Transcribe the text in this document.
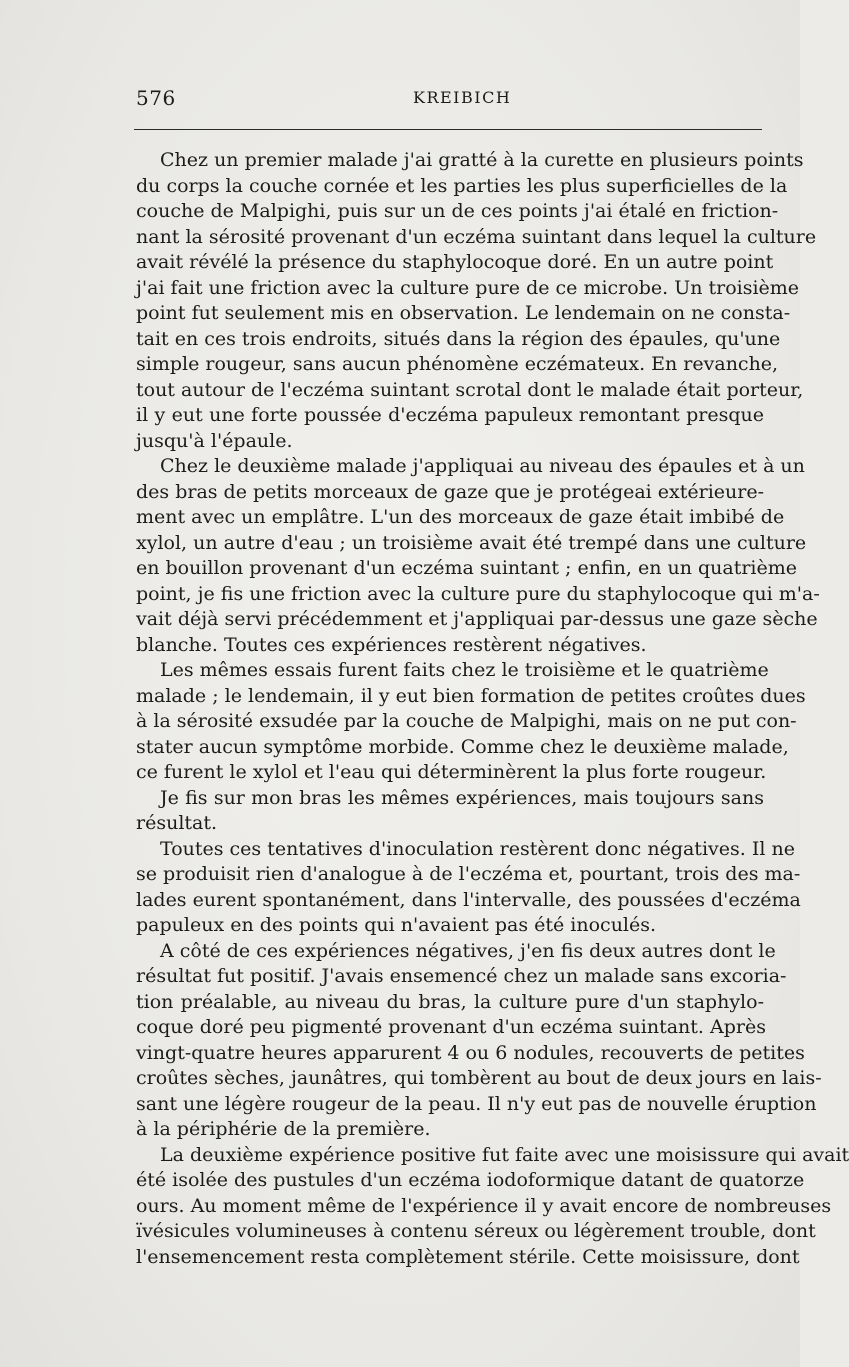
576	KREIBICH
Chez un premier malade j'ai gratté à la curette en plusieurs points
du corps la couche cornée et les parties les plus superficielles de la
couche de Malpighi, puis sur un de ces points j'ai étalé en friction-
nant la sérosité provenant d'un eczéma suintant dans lequel la culture
avait révélé la présence du staphylocoque doré. En un autre point
j'ai fait une friction avec la culture pure de ce microbe. Un troisième
point fut seulement mis en observation. Le lendemain on ne consta-
tait en ces trois endroits, situés dans la région des épaules, qu'une
simple rougeur, sans aucun phénomène eczémateux. En revanche,
tout autour de l'eczéma suintant scrotal dont le malade était porteur,
il y eut une forte poussée d'eczéma papuleux remontant presque
jusqu'à l'épaule.
Chez le deuxième malade j'appliquai au niveau des épaules et à un
des bras de petits morceaux de gaze que je protégeai extérieure-
ment avec un emplâtre. L'un des morceaux de gaze était imbibé de
xylol, un autre d'eau ; un troisième avait été trempé dans une culture
en bouillon provenant d'un eczéma suintant ; enfin, en un quatrième
point, je fis une friction avec la culture pure du staphylocoque qui m'a-
vait déjà servi précédemment et j'appliquai par-dessus une gaze sèche
blanche. Toutes ces expériences restèrent négatives.
Les mêmes essais furent faits chez le troisième et le quatrième
malade ; le lendemain, il y eut bien formation de petites croûtes dues
à la sérosité exsudée par la couche de Malpighi, mais on ne put con-
stater aucun symptôme morbide. Comme chez le deuxième malade,
ce furent le xylol et l'eau qui déterminèrent la plus forte rougeur.
Je fis sur mon bras les mêmes expériences, mais toujours sans
résultat.
Toutes ces tentatives d'inoculation restèrent donc négatives. Il ne
se produisit rien d'analogue à de l'eczéma et, pourtant, trois des ma-
lades eurent spontanément, dans l'intervalle, des poussées d'eczéma
papuleux en des points qui n'avaient pas été inoculés.
A côté de ces expériences négatives, j'en fis deux autres dont le
résultat fut positif. J'avais ensemencé chez un malade sans excoria-
tion préalable, au niveau du bras, la culture pure d'un staphylo-
coque doré peu pigmenté provenant d'un eczéma suintant. Après
vingt-quatre heures apparurent 4 ou 6 nodules, recouverts de petites
croûtes sèches, jaunâtres, qui tombèrent au bout de deux jours en lais-
sant une légère rougeur de la peau. Il n'y eut pas de nouvelle éruption
à la périphérie de la première.
La deuxième expérience positive fut faite avec une moisissure qui avait
été isolée des pustules d'un eczéma iodoformique datant de quatorze
ours. Au moment même de l'expérience il y avait encore de nombreuses
ïvésicules volumineuses à contenu séreux ou légèrement trouble, dont
l'ensemencement resta complètement stérile. Cette moisissure, dont
